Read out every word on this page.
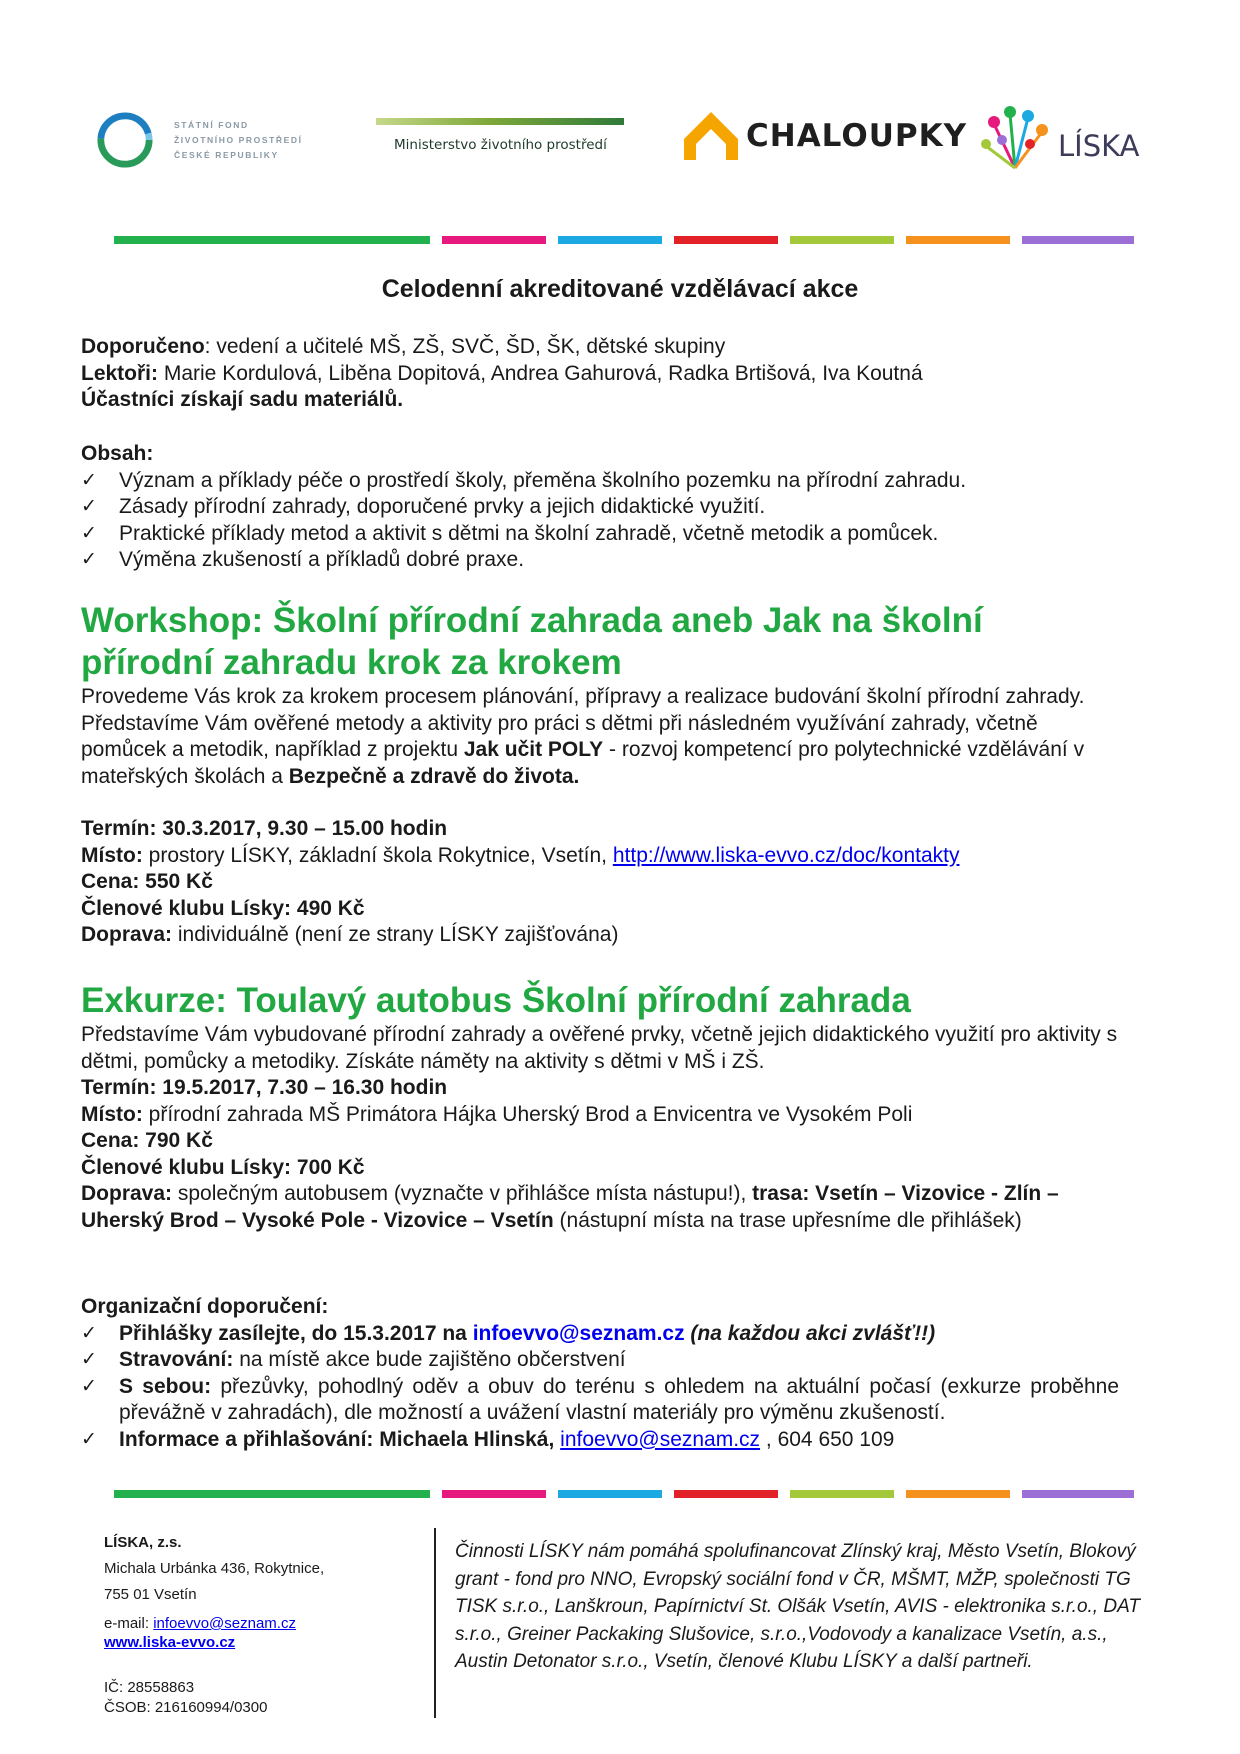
STÁTNÍ FOND
ŽIVOTNÍHO PROSTŘEDÍ
ČESKÉ REPUBLIKY
Ministerstvo životního prostředí	CHALOUPKY	LÍSKA
Celodenní akreditované vzdělávací akce
Doporučeno: vedení a učitelé MŠ, ZŠ, SVČ, ŠD, ŠK, dětské skupiny
Lektoři: Marie Kordulová, Liběna Dopitová, Andrea Gahurová, Radka Brtišová, Iva Koutná
Účastníci získají sadu materiálů.
Obsah:
✓	Význam a příklady péče o prostředí školy, přeměna školního pozemku na přírodní zahradu.
✓	Zásady přírodní zahrady, doporučené prvky a jejich didaktické využití.
✓	Praktické příklady metod a aktivit s dětmi na školní zahradě, včetně metodik a pomůcek.
✓	Výměna zkušeností a příkladů dobré praxe.
Workshop: Školní přírodní zahrada aneb Jak na školní přírodní zahradu krok za krokem
Provedeme Vás krok za krokem procesem plánování, přípravy a realizace budování školní přírodní zahrady. Představíme Vám ověřené metody a aktivity pro práci s dětmi při následném využívání zahrady, včetně pomůcek a metodik, například z projektu Jak učit POLY - rozvoj kompetencí pro polytechnické vzdělávání v mateřských školách a Bezpečně a zdravě do života.
Termín: 30.3.2017, 9.30 – 15.00 hodin
Místo: prostory LÍSKY, základní škola Rokytnice, Vsetín, http://www.liska-evvo.cz/doc/kontakty
Cena: 550 Kč
Členové klubu Lísky: 490 Kč
Doprava: individuálně (není ze strany LÍSKY zajišťována)
Exkurze: Toulavý autobus Školní přírodní zahrada
Představíme Vám vybudované přírodní zahrady a ověřené prvky, včetně jejich didaktického využití pro aktivity s dětmi, pomůcky a metodiky. Získáte náměty na aktivity s dětmi v MŠ i ZŠ.
Termín: 19.5.2017, 7.30 – 16.30 hodin
Místo: přírodní zahrada MŠ Primátora Hájka Uherský Brod a Envicentra ve Vysokém Poli
Cena: 790 Kč
Členové klubu Lísky: 700 Kč
Doprava: společným autobusem (vyznačte v přihlášce místa nástupu!), trasa: Vsetín – Vizovice - Zlín – Uherský Brod – Vysoké Pole - Vizovice – Vsetín (nástupní místa na trase upřesníme dle přihlášek)
Organizační doporučení:
✓	Přihlášky zasílejte, do 15.3.2017 na infoevvo@seznam.cz (na každou akci zvlášť!!)
✓	Stravování: na místě akce bude zajištěno občerstvení
✓	S sebou: přezůvky, pohodlný oděv a obuv do terénu s ohledem na aktuální počasí (exkurze proběhne převážně v zahradách), dle možností a uvážení vlastní materiály pro výměnu zkušeností.
✓	Informace a přihlašování: Michaela Hlinská, infoevvo@seznam.cz , 604 650 109
LÍSKA, z.s.
Michala Urbánka 436, Rokytnice,
755 01 Vsetín
e-mail: infoevvo@seznam.cz
www.liska-evvo.cz
IČ: 28558863
ČSOB: 216160994/0300
Činnosti LÍSKY nám pomáhá spolufinancovat Zlínský kraj, Město Vsetín, Blokový grant - fond pro NNO, Evropský sociální fond v ČR, MŠMT, MŽP, společnosti TG TISK s.r.o., Lanškroun, Papírnictví St. Olšák Vsetín, AVIS - elektronika s.r.o., DAT s.r.o., Greiner Packaking Slušovice, s.r.o.,Vodovody a kanalizace Vsetín, a.s., Austin Detonator s.r.o., Vsetín, členové Klubu LÍSKY a další partneři.
